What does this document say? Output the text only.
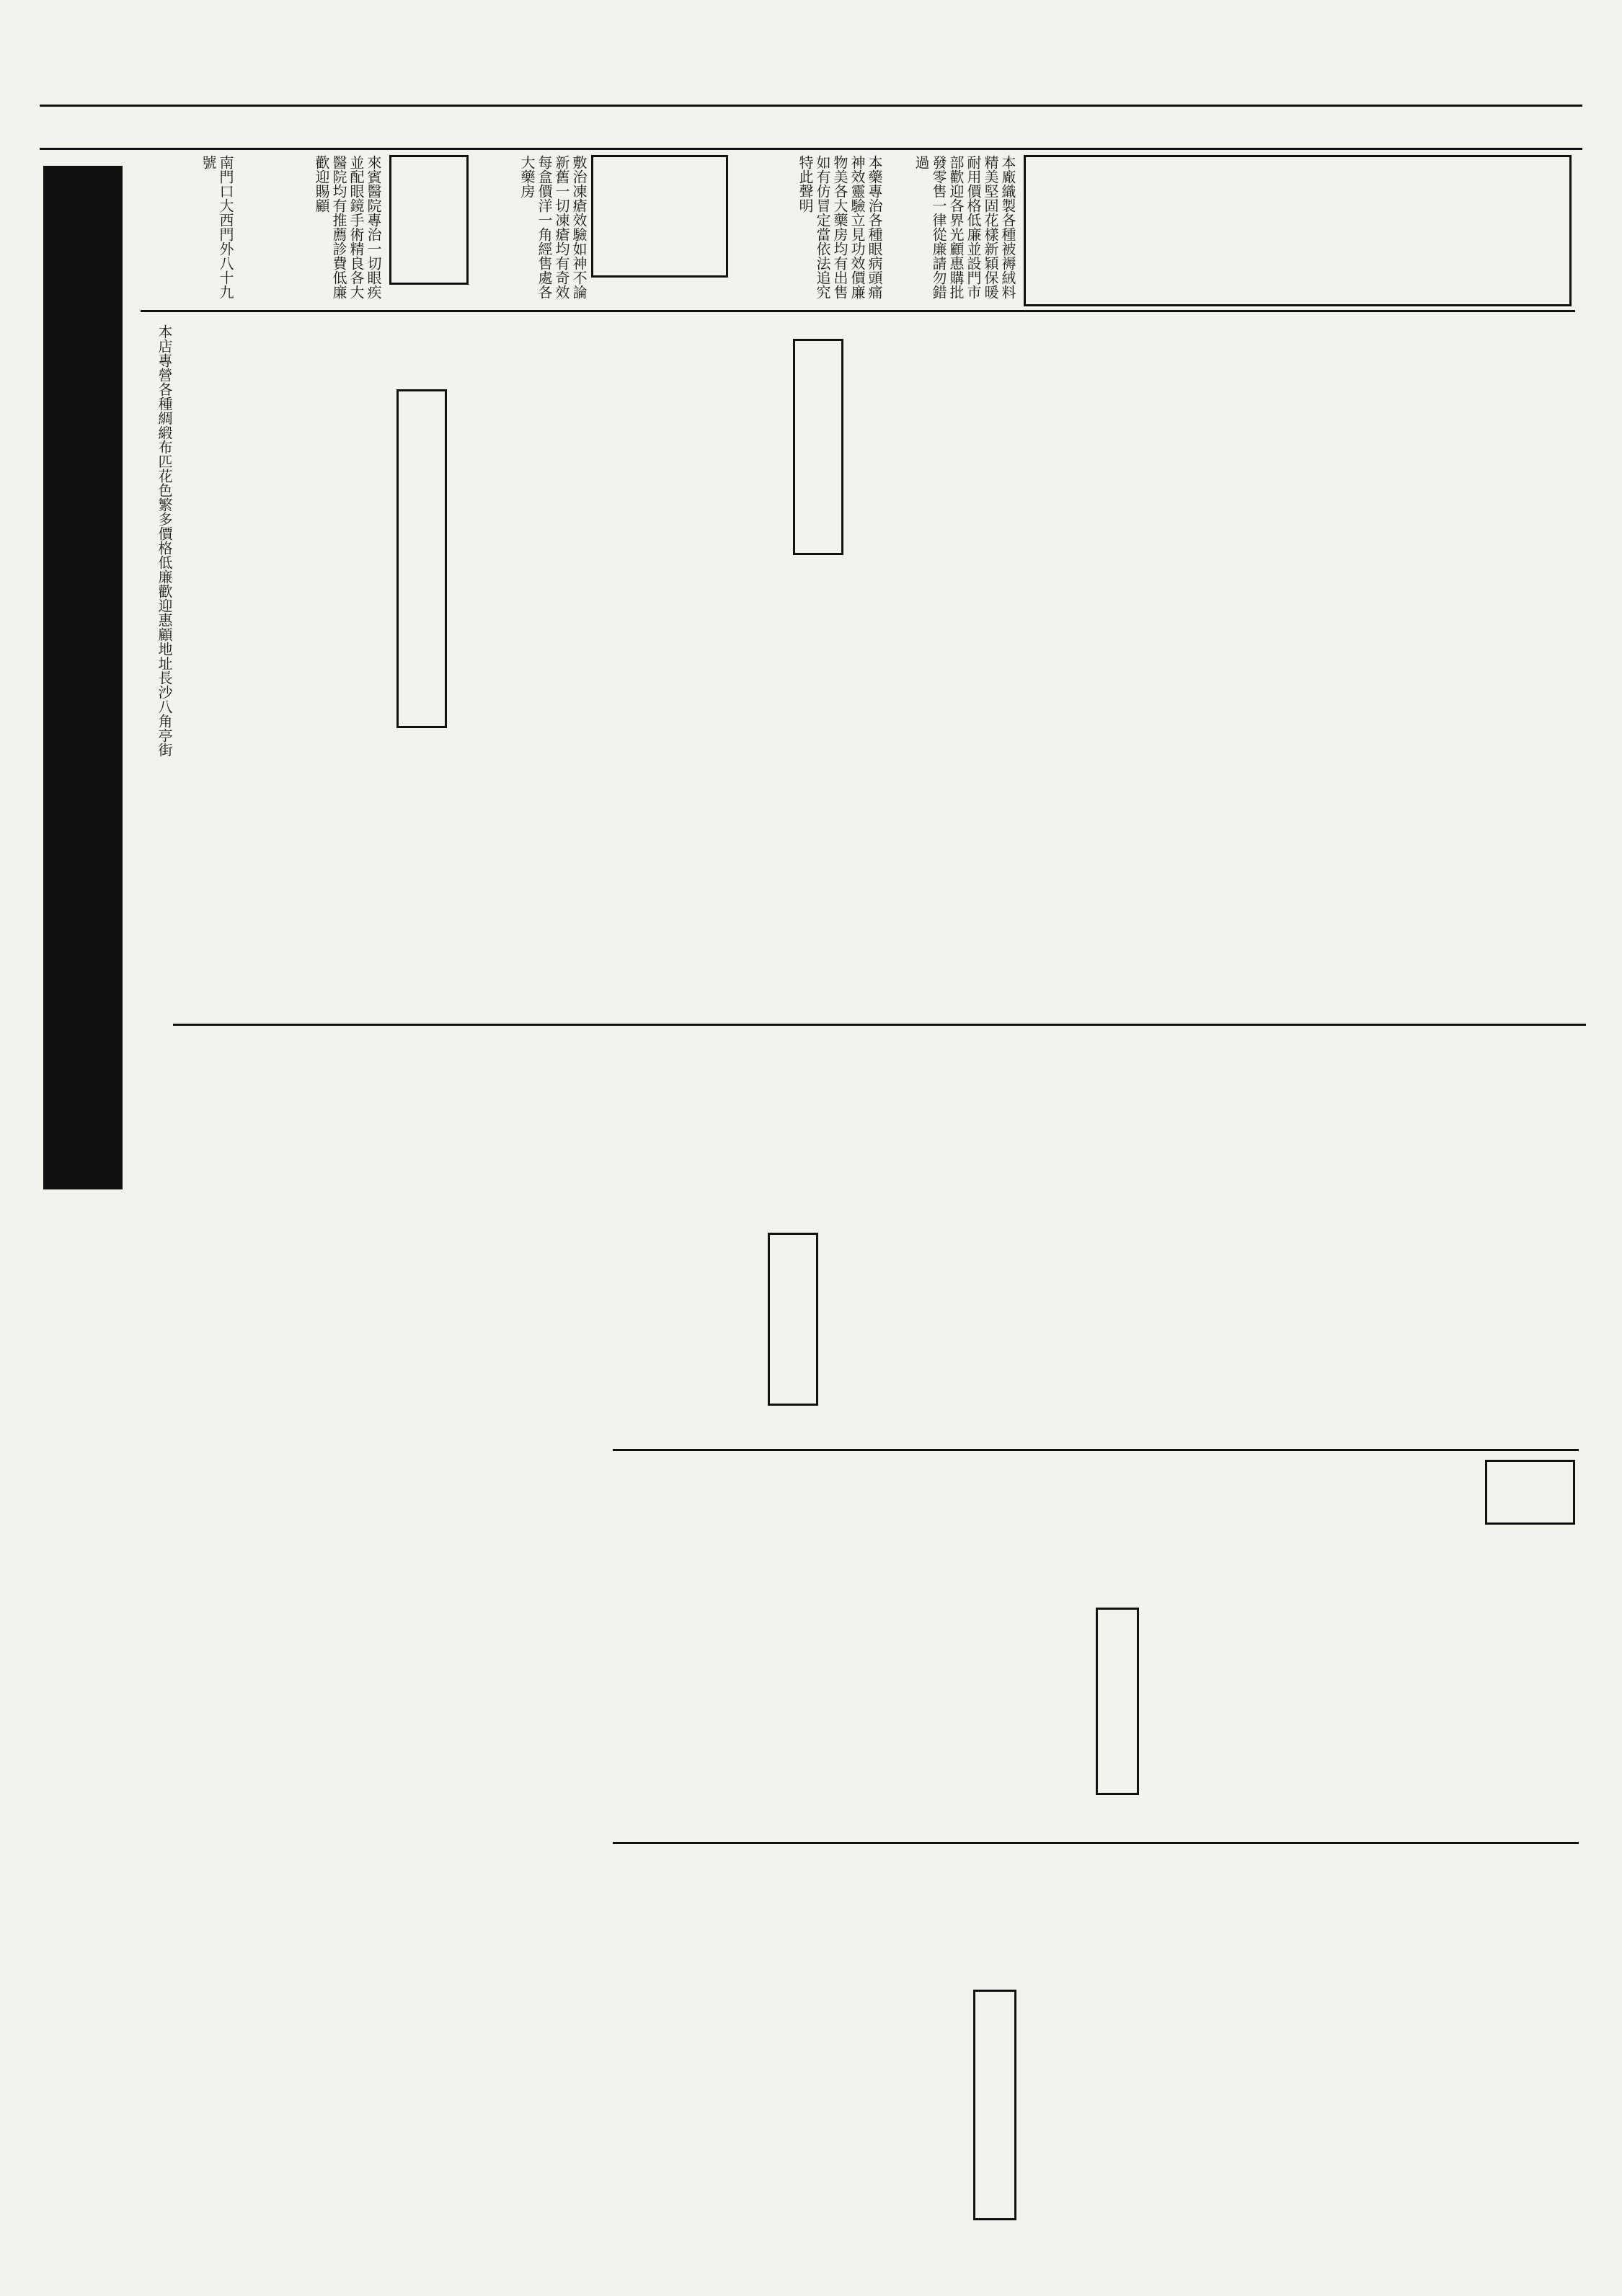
本廠織製各種被褥絨料精美堅固花樣新穎保暖耐用價格低廉並設門市部歡迎各界光顧惠購批發零售一律從廉請勿錯過
本藥專治各種眼病頭痛神效靈驗立見功效價廉物美各大藥房均有出售如有仿冒定當依法追究特此聲明
敷治凍瘡效驗如神不論新舊一切凍瘡均有奇效每盒價洋一角經售處各大藥房
來賓醫院專治一切眼疾並配眼鏡手術精良各大醫院均有推薦診費低廉歡迎賜顧
南門口大西門外八十九號
本店專營各種綢緞布匹花色繁多價格低廉歡迎惠顧地址長沙八角亭街
